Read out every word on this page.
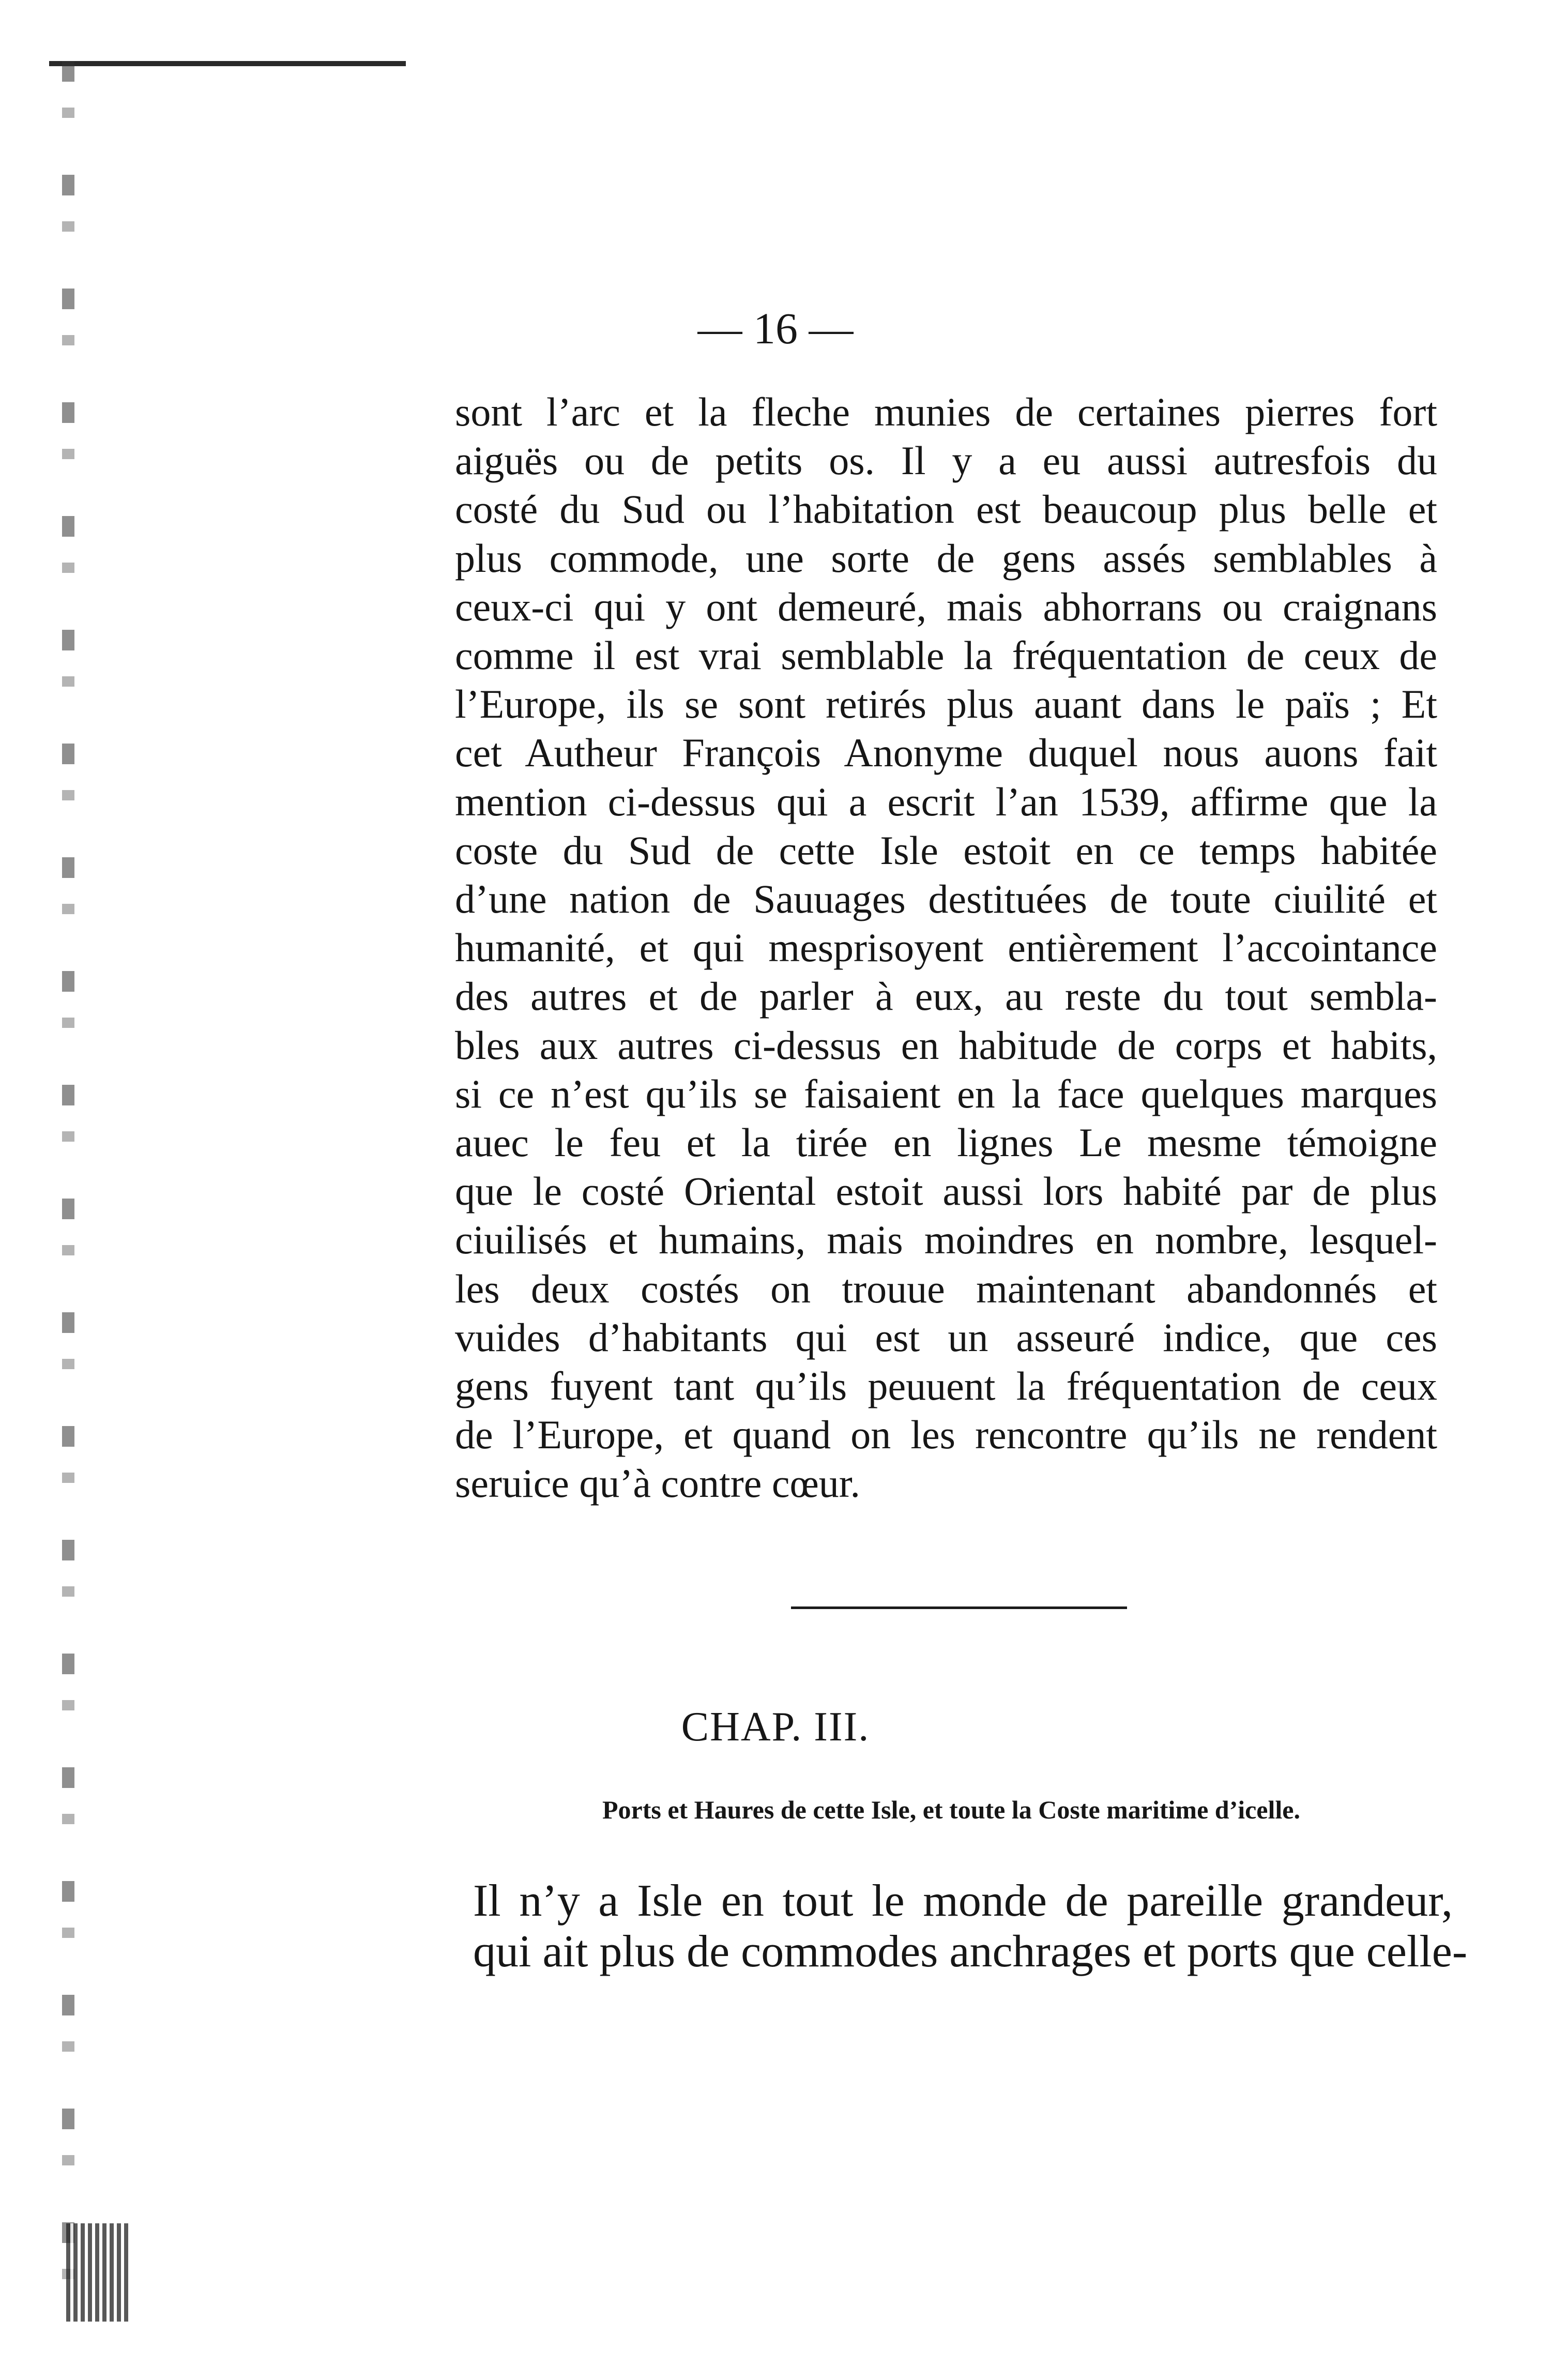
— 16 —
sont l’arc et la fleche munies de certaines pierres fort
aiguës ou de petits os. Il y a eu aussi autresfois du
costé du Sud ou l’habitation est beaucoup plus belle et
plus commode, une sorte de gens assés semblables à
ceux-ci qui y ont demeuré, mais abhorrans ou craignans
comme il est vrai semblable la fréquentation de ceux de
l’Europe, ils se sont retirés plus auant dans le païs ; Et
cet Autheur François Anonyme duquel nous auons fait
mention ci-dessus qui a escrit l’an 1539, affirme que la
coste du Sud de cette Isle estoit en ce temps habitée
d’une nation de Sauuages destituées de toute ciuilité et
humanité, et qui mesprisoyent entièrement l’accointance
des autres et de parler à eux, au reste du tout sembla-
bles aux autres ci-dessus en habitude de corps et habits,
si ce n’est qu’ils se faisaient en la face quelques marques
auec le feu et la tirée en lignes Le mesme témoigne
que le costé Oriental estoit aussi lors habité par de plus
ciuilisés et humains, mais moindres en nombre, lesquel-
les deux costés on trouue maintenant abandonnés et
vuides d’habitants qui est un asseuré indice, que ces
gens fuyent tant qu’ils peuuent la fréquentation de ceux
de l’Europe, et quand on les rencontre qu’ils ne rendent
seruice qu’à contre cœur.
CHAP. III.
Ports et Haures de cette Isle, et toute la Coste maritime d’icelle.
Il n’y a Isle en tout le monde de pareille grandeur,
qui ait plus de commodes anchrages et ports que celle-
